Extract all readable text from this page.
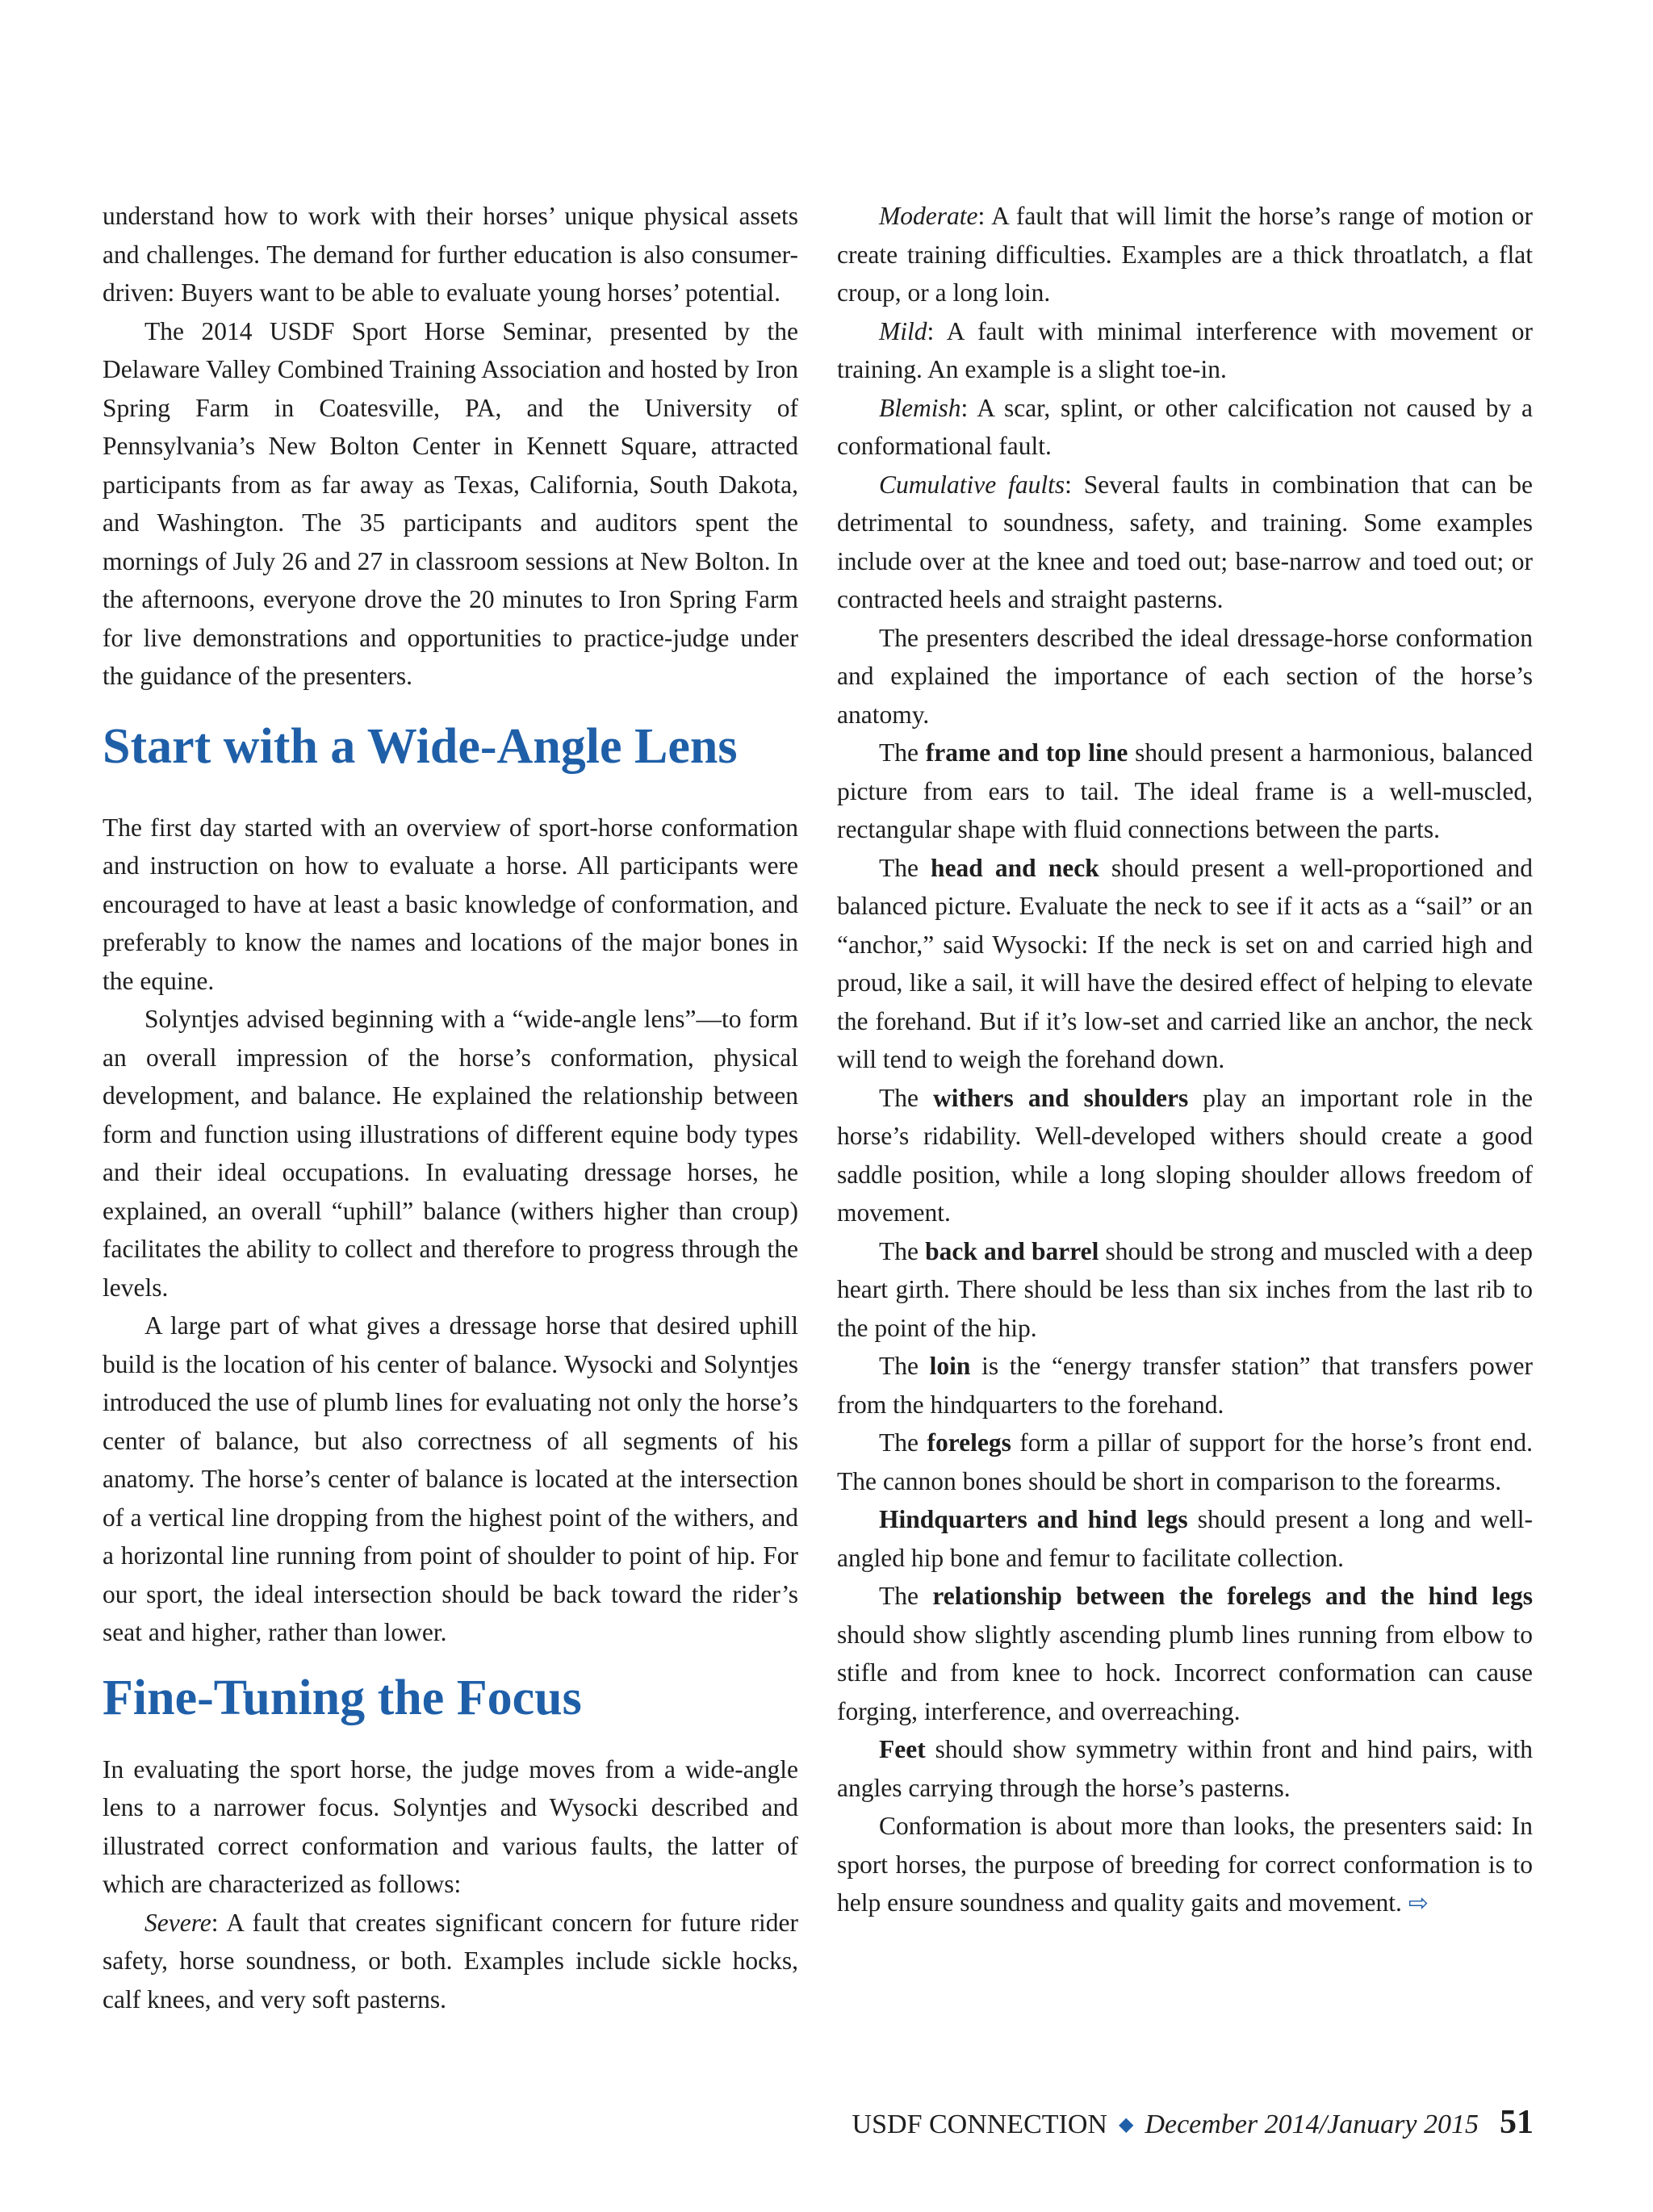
understand how to work with their horses’ unique physical assets and challenges. The demand for further education is also consumer-driven: Buyers want to be able to evaluate young horses’ potential.

The 2014 USDF Sport Horse Seminar, presented by the Delaware Valley Combined Training Association and hosted by Iron Spring Farm in Coatesville, PA, and the University of Pennsylvania’s New Bolton Center in Kennett Square, attracted participants from as far away as Texas, California, South Dakota, and Washington. The 35 participants and auditors spent the mornings of July 26 and 27 in classroom sessions at New Bolton. In the afternoons, everyone drove the 20 minutes to Iron Spring Farm for live demonstrations and opportunities to practice-judge under the guidance of the presenters.

Start with a Wide-Angle Lens

The first day started with an overview of sport-horse conformation and instruction on how to evaluate a horse. All participants were encouraged to have at least a basic knowledge of conformation, and preferably to know the names and locations of the major bones in the equine.

Solyntjes advised beginning with a “wide-angle lens”—to form an overall impression of the horse’s conformation, physical development, and balance. He explained the relationship between form and function using illustrations of different equine body types and their ideal occupations. In evaluating dressage horses, he explained, an overall “uphill” balance (withers higher than croup) facilitates the ability to collect and therefore to progress through the levels.

A large part of what gives a dressage horse that desired uphill build is the location of his center of balance. Wysocki and Solyntjes introduced the use of plumb lines for evaluating not only the horse’s center of balance, but also correctness of all segments of his anatomy. The horse’s center of balance is located at the intersection of a vertical line dropping from the highest point of the withers, and a horizontal line running from point of shoulder to point of hip. For our sport, the ideal intersection should be back toward the rider’s seat and higher, rather than lower.

Fine-Tuning the Focus

In evaluating the sport horse, the judge moves from a wide-angle lens to a narrower focus. Solyntjes and Wysocki described and illustrated correct conformation and various faults, the latter of which are characterized as follows:

Severe: A fault that creates significant concern for future rider safety, horse soundness, or both. Examples include sickle hocks, calf knees, and very soft pasterns.

Moderate: A fault that will limit the horse’s range of motion or create training difficulties. Examples are a thick throatlatch, a flat croup, or a long loin.

Mild: A fault with minimal interference with movement or training. An example is a slight toe-in.

Blemish: A scar, splint, or other calcification not caused by a conformational fault.

Cumulative faults: Several faults in combination that can be detrimental to soundness, safety, and training. Some examples include over at the knee and toed out; base-narrow and toed out; or contracted heels and straight pasterns.

The presenters described the ideal dressage-horse conformation and explained the importance of each section of the horse’s anatomy.

The frame and top line should present a harmonious, balanced picture from ears to tail. The ideal frame is a well-muscled, rectangular shape with fluid connections between the parts.

The head and neck should present a well-proportioned and balanced picture. Evaluate the neck to see if it acts as a “sail” or an “anchor,” said Wysocki: If the neck is set on and carried high and proud, like a sail, it will have the desired effect of helping to elevate the forehand. But if it’s low-set and carried like an anchor, the neck will tend to weigh the forehand down.

The withers and shoulders play an important role in the horse’s ridability. Well-developed withers should create a good saddle position, while a long sloping shoulder allows freedom of movement.

The back and barrel should be strong and muscled with a deep heart girth. There should be less than six inches from the last rib to the point of the hip.

The loin is the “energy transfer station” that transfers power from the hindquarters to the forehand.

The forelegs form a pillar of support for the horse’s front end. The cannon bones should be short in comparison to the forearms.

Hindquarters and hind legs should present a long and well-angled hip bone and femur to facilitate collection.

The relationship between the forelegs and the hind legs should show slightly ascending plumb lines running from elbow to stifle and from knee to hock. Incorrect conformation can cause forging, interference, and overreaching.

Feet should show symmetry within front and hind pairs, with angles carrying through the horse’s pasterns.

Conformation is about more than looks, the presenters said: In sport horses, the purpose of breeding for correct conformation is to help ensure soundness and quality gaits and movement. ⇨

USDF CONNECTION ◆ December 2014/January 2015 51
